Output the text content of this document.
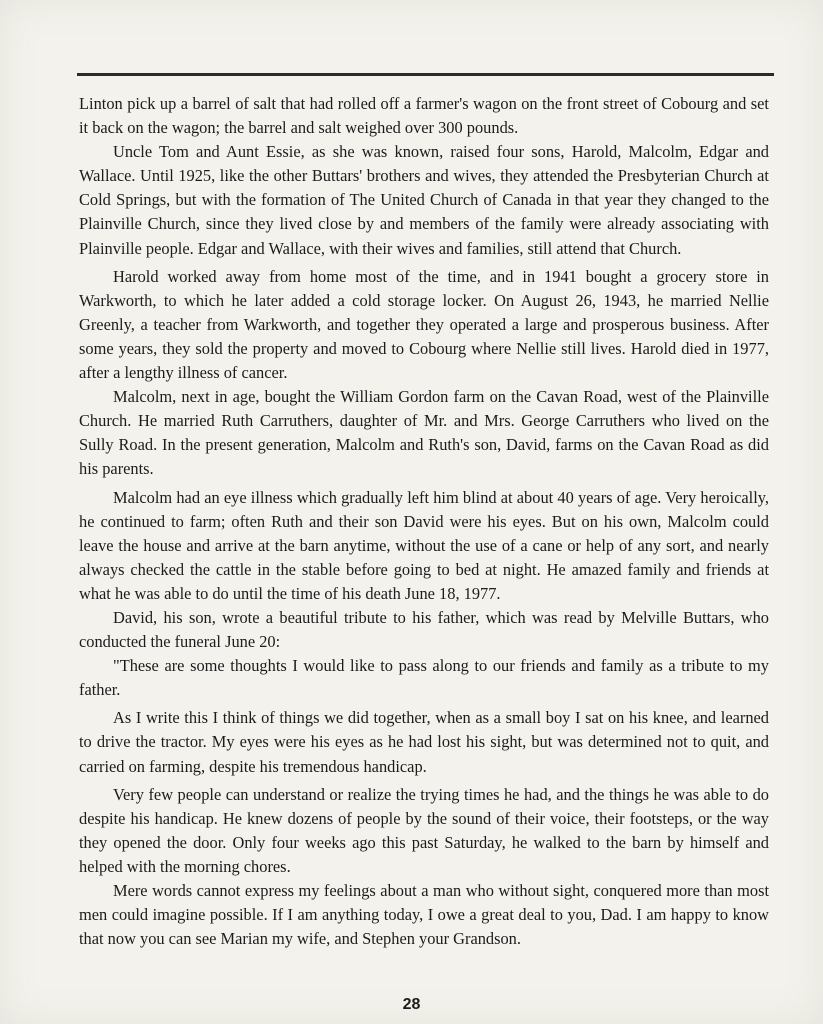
Linton pick up a barrel of salt that had rolled off a farmer's wagon on the front street of Cobourg and set it back on the wagon; the barrel and salt weighed over 300 pounds.

Uncle Tom and Aunt Essie, as she was known, raised four sons, Harold, Malcolm, Edgar and Wallace. Until 1925, like the other Buttars' brothers and wives, they attended the Presbyterian Church at Cold Springs, but with the formation of The United Church of Canada in that year they changed to the Plainville Church, since they lived close by and members of the family were already associating with Plainville people. Edgar and Wallace, with their wives and families, still attend that Church.

Harold worked away from home most of the time, and in 1941 bought a grocery store in Warkworth, to which he later added a cold storage locker. On August 26, 1943, he married Nellie Greenly, a teacher from Warkworth, and together they operated a large and prosperous business. After some years, they sold the property and moved to Cobourg where Nellie still lives. Harold died in 1977, after a lengthy illness of cancer.

Malcolm, next in age, bought the William Gordon farm on the Cavan Road, west of the Plainville Church. He married Ruth Carruthers, daughter of Mr. and Mrs. George Carruthers who lived on the Sully Road. In the present generation, Malcolm and Ruth's son, David, farms on the Cavan Road as did his parents.

Malcolm had an eye illness which gradually left him blind at about 40 years of age. Very heroically, he continued to farm; often Ruth and their son David were his eyes. But on his own, Malcolm could leave the house and arrive at the barn anytime, without the use of a cane or help of any sort, and nearly always checked the cattle in the stable before going to bed at night. He amazed family and friends at what he was able to do until the time of his death June 18, 1977.

David, his son, wrote a beautiful tribute to his father, which was read by Melville Buttars, who conducted the funeral June 20:

"These are some thoughts I would like to pass along to our friends and family as a tribute to my father.

As I write this I think of things we did together, when as a small boy I sat on his knee, and learned to drive the tractor. My eyes were his eyes as he had lost his sight, but was determined not to quit, and carried on farming, despite his tremendous handicap.

Very few people can understand or realize the trying times he had, and the things he was able to do despite his handicap. He knew dozens of people by the sound of their voice, their footsteps, or the way they opened the door. Only four weeks ago this past Saturday, he walked to the barn by himself and helped with the morning chores.

Mere words cannot express my feelings about a man who without sight, conquered more than most men could imagine possible. If I am anything today, I owe a great deal to you, Dad. I am happy to know that now you can see Marian my wife, and Stephen your Grandson.

28
